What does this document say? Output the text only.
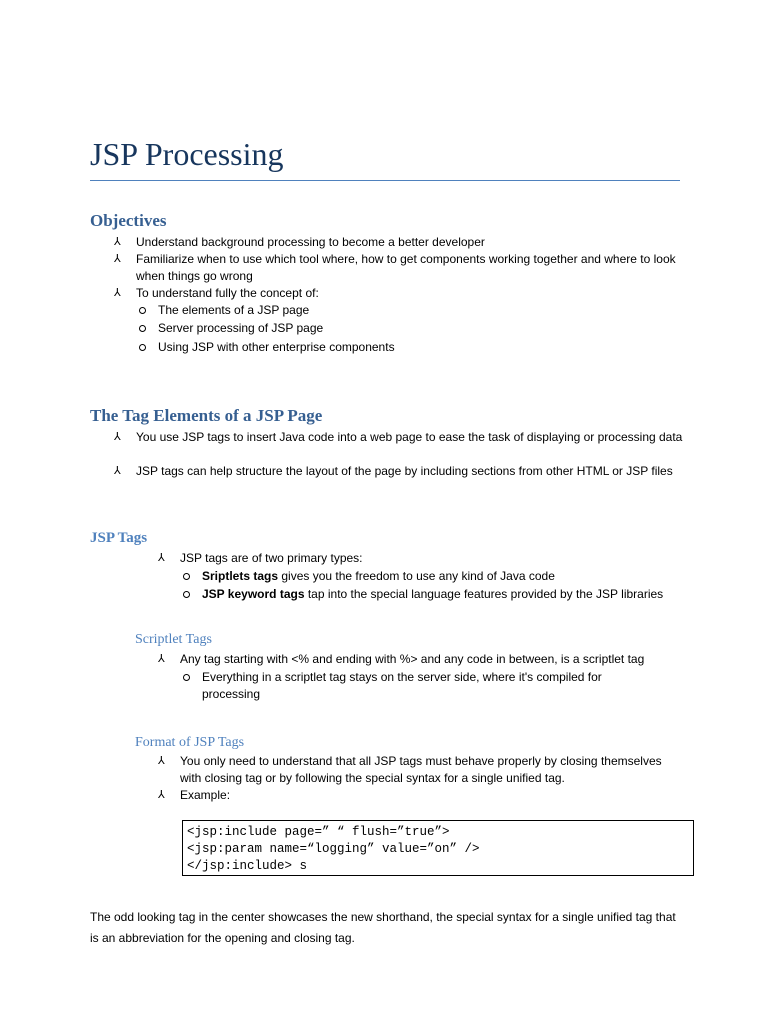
JSP Processing
Objectives
⅄ Understand background processing to become a better developer
⅄ Familiarize when to use which tool where, how to get components working together and where to look when things go wrong
⅄ To understand fully the concept of:
The elements of a JSP page
Server processing of JSP page
Using JSP with other enterprise components
The Tag Elements of a JSP Page
⅄ You use JSP tags to insert Java code into a web page to ease the task of displaying or processing data
⅄ JSP tags can help structure the layout of the page by including sections from other HTML or JSP files
JSP Tags
⅄ JSP tags are of two primary types:
Sriptlets tags gives you the freedom to use any kind of Java code
JSP keyword tags tap into the special language features provided by the JSP libraries
Scriptlet Tags
⅄ Any tag starting with <% and ending with %> and any code in between, is a scriptlet tag
Everything in a scriptlet tag stays on the server side, where it's compiled for processing
Format of JSP Tags
⅄ You only need to understand that all JSP tags must behave properly by closing themselves with closing tag or by following the special syntax for a single unified tag.
⅄ Example:
<jsp:include page=” “ flush=”true”>
<jsp:param name=“logging” value=”on” />
</jsp:include> s
The odd looking tag in the center showcases the new shorthand, the special syntax for a single unified tag that is an abbreviation for the opening and closing tag.
